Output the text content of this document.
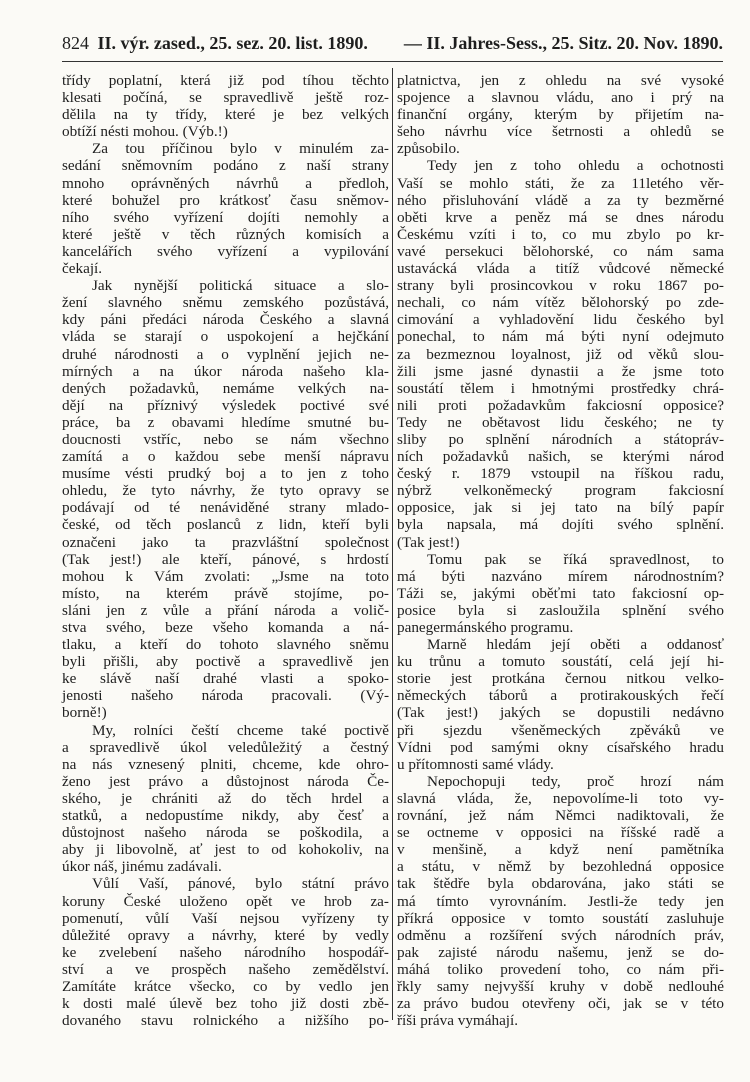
824 II. výr. zased., 25. sez. 20. list. 1890. — II. Jahres-Sess., 25. Sitz. 20. Nov. 1890.
třídy poplatní, která již pod tíhou těchto
klesati počíná, se spravedlivě ještě roz-
dělila na ty třídy, které je bez velkých
obtíží nésti mohou. (Výb.!)
Za tou příčinou bylo v minulém za-
sedání sněmovním podáno z naší strany
mnoho oprávněných návrhů a předloh,
které bohužel pro krátkosť času sněmov-
ního svého vyřízení dojíti nemohly a
které ještě v těch různých komisích a
kancelářích svého vyřízení a vypilování
čekají.
Jak nynější politická situace a slo-
žení slavného sněmu zemského pozůstává,
kdy páni předáci národa Českého a slavná
vláda se starají o uspokojení a hejčkání
druhé národnosti a o vyplnění jejich ne-
mírných a na úkor národa našeho kla-
dených požadavků, nemáme velkých na-
dějí na příznivý výsledek poctivé své
práce, ba z obavami hledíme smutné bu-
doucnosti vstříc, nebo se nám všechno
zamítá a o každou sebe menší nápravu
musíme vésti prudký boj a to jen z toho
ohledu, že tyto návrhy, že tyto opravy se
podávají od té nenáviděné strany mlado-
české, od těch poslanců z lidn, kteří byli
označeni jako ta prazvláštní společnost
(Tak jest!) ale kteří, pánové, s hrdostí
mohou k Vám zvolati: „Jsme na toto
místo, na kterém právě stojíme, po-
sláni jen z vůle a přání národa a volič-
stva svého, beze všeho komanda a ná-
tlaku, a kteří do tohoto slavného sněmu
byli přišli, aby poctivě a spravedlivě jen
ke slávě naší drahé vlasti a spoko-
jenosti našeho národa pracovali. (Vý-
borně!)
My, rolníci čeští chceme také poctivě
a spravedlivě úkol veledůležitý a čestný
na nás vznesený plniti, chceme, kde ohro-
ženo jest právo a důstojnost národa Če-
ského, je chrániti až do těch hrdel a
statků, a nedopustíme nikdy, aby česť a
důstojnost našeho národa se poškodila, a
aby ji libovolně, ať jest to od kohokoliv, na
úkor náš, jinému zadávali.
Vůlí Vaší, pánové, bylo státní právo
koruny České uloženo opět ve hrob za-
pomenutí, vůlí Vaší nejsou vyřízeny ty
důležité opravy a návrhy, které by vedly
ke zvelebení našeho národního hospodář-
ství a ve prospěch našeho zemědělství.
Zamítáte krátce všecko, co by vedlo jen
k dosti malé úlevě bez toho již dosti zbě-
dovaného stavu rolnického a nižšího po-
platnictva, jen z ohledu na své vysoké
spojence a slavnou vládu, ano i prý na
finanční orgány, kterým by přijetím na-
šeho návrhu více šetrnosti a ohledů se
způsobilo.
Tedy jen z toho ohledu a ochotnosti
Vaší se mohlo státi, že za 11letého věr-
ného přisluhování vládě a za ty bezměrné
oběti krve a peněz má se dnes národu
Českému vzíti i to, co mu zbylo po kr-
vavé persekuci bělohorské, co nám sama
ustavácká vláda a titíž vůdcové německé
strany byli prosincovkou v roku 1867 po-
nechali, co nám vítěz bělohorský po zde-
cimování a vyhladovění lidu českého byl
ponechal, to nám má býti nyní odejmuto
za bezmeznou loyalnost, již od věků slou-
žili jsme jasné dynastii a že jsme toto
soustátí tělem i hmotnými prostředky chrá-
nili proti požadavkům fakciosní opposice?
Tedy ne obětavost lidu českého; ne ty
sliby po splnění národních a státopráv-
ních požadavků našich, se kterými národ
český r. 1879 vstoupil na říškou radu,
nýbrž velkoněmecký program fakciosní
opposice, jak si jej tato na bílý papír
byla napsala, má dojíti svého splnění.
(Tak jest!)
Tomu pak se říká spravedlnost, to
má býti nazváno mírem národnostním?
Táži se, jakými oběťmi tato fakciosní op-
posice byla si zasloužila splnění svého
panegermánského programu.
Marně hledám její oběti a oddanosť
ku trůnu a tomuto soustátí, celá její hi-
storie jest protkána černou nitkou velko-
německých táborů a protirakouských řečí
(Tak jest!) jakých se dopustili nedávno
při sjezdu všeněmeckých zpěváků ve
Vídni pod samými okny císařského hradu
u přítomnosti samé vlády.
Nepochopuji tedy, proč hrozí nám
slavná vláda, že, nepovolíme-li toto vy-
rovnání, jež nám Němci nadiktovali, že
se octneme v opposici na říšské radě a
v menšině, a když není pamětníka
a státu, v němž by bezohledná opposice
tak štědře byla obdarována, jako státi se
má tímto vyrovnáním. Jestli-že tedy jen
příkrá opposice v tomto soustátí zasluhuje
odměnu a rozšíření svých národních práv,
pak zajisté národu našemu, jenž se do-
máhá toliko provedení toho, co nám při-
řkly samy nejvyšší kruhy v době nedlouhé
za právo budou otevřeny oči, jak se v této
říši práva vymáhají.
